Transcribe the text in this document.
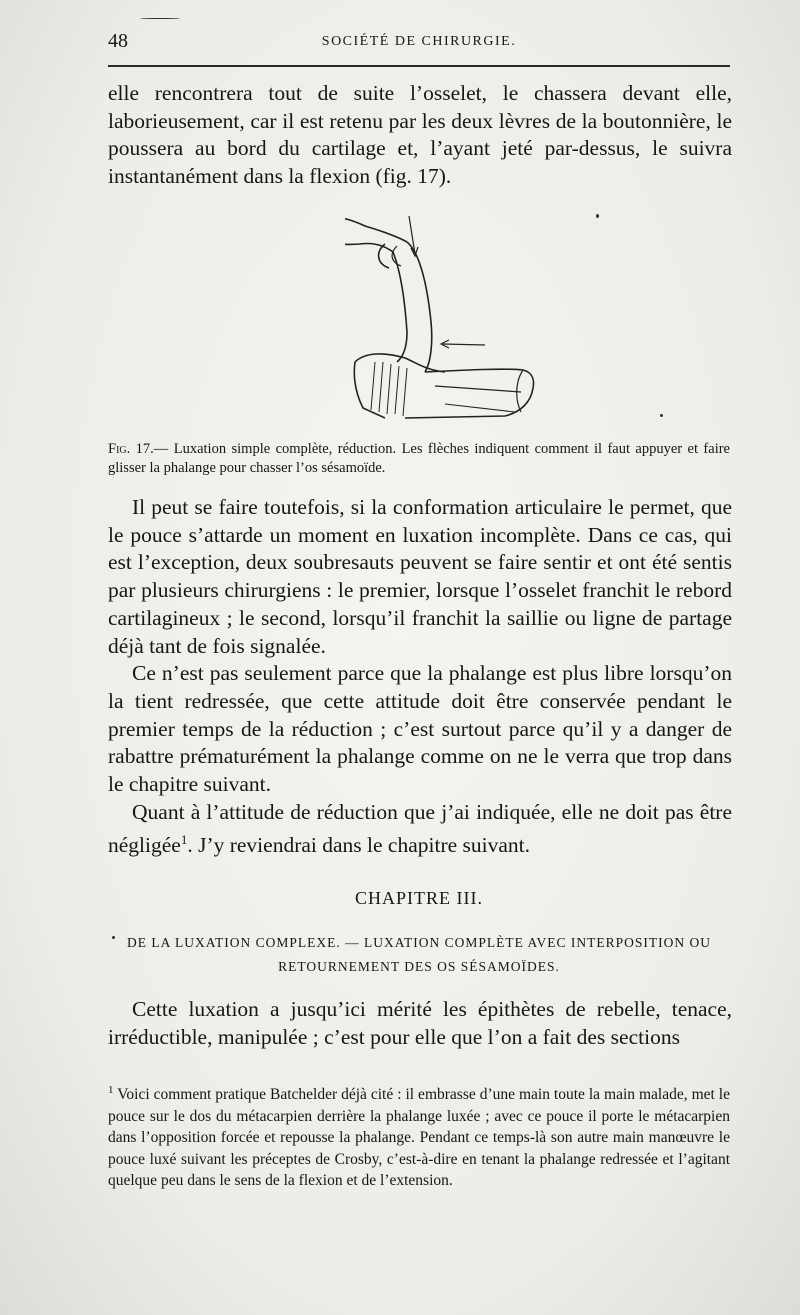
48	SOCIÉTÉ DE CHIRURGIE.

elle rencontrera tout de suite l’osselet, le chassera devant elle, laborieusement, car il est retenu par les deux lèvres de la boutonnière, le poussera au bord du cartilage et, l’ayant jeté par-dessus, le suivra instantanément dans la flexion (fig. 17).

Fig. 17.— Luxation simple complète, réduction. Les flèches indiquent comment il faut appuyer et faire glisser la phalange pour chasser l’os sésamoïde.

Il peut se faire toutefois, si la conformation articulaire le permet, que le pouce s’attarde un moment en luxation incomplète. Dans ce cas, qui est l’exception, deux soubresauts peuvent se faire sentir et ont été sentis par plusieurs chirurgiens : le premier, lorsque l’osselet franchit le rebord cartilagineux ; le second, lorsqu’il franchit la saillie ou ligne de partage déjà tant de fois signalée.

Ce n’est pas seulement parce que la phalange est plus libre lorsqu’on la tient redressée, que cette attitude doit être conservée pendant le premier temps de la réduction ; c’est surtout parce qu’il y a danger de rabattre prématurément la phalange comme on ne le verra que trop dans le chapitre suivant.

Quant à l’attitude de réduction que j’ai indiquée, elle ne doit pas être négligée$^1$. J’y reviendrai dans le chapitre suivant.

CHAPITRE III.
DE LA LUXATION COMPLEXE. — LUXATION COMPLÈTE AVEC INTERPOSITION OU RETOURNEMENT DES OS SÉSAMOÏDES.

Cette luxation a jusqu’ici mérité les épithètes de rebelle, tenace, irréductible, manipulée ; c’est pour elle que l’on a fait des sections

$^1$ Voici comment pratique Batchelder déjà cité : il embrasse d’une main toute la main malade, met le pouce sur le dos du métacarpien derrière la phalange luxée ; avec ce pouce il porte le métacarpien dans l’opposition forcée et repousse la phalange. Pendant ce temps-là son autre main manœuvre le pouce luxé suivant les préceptes de Crosby, c’est-à-dire en tenant la phalange redressée et l’agitant quelque peu dans le sens de la flexion et de l’extension.
